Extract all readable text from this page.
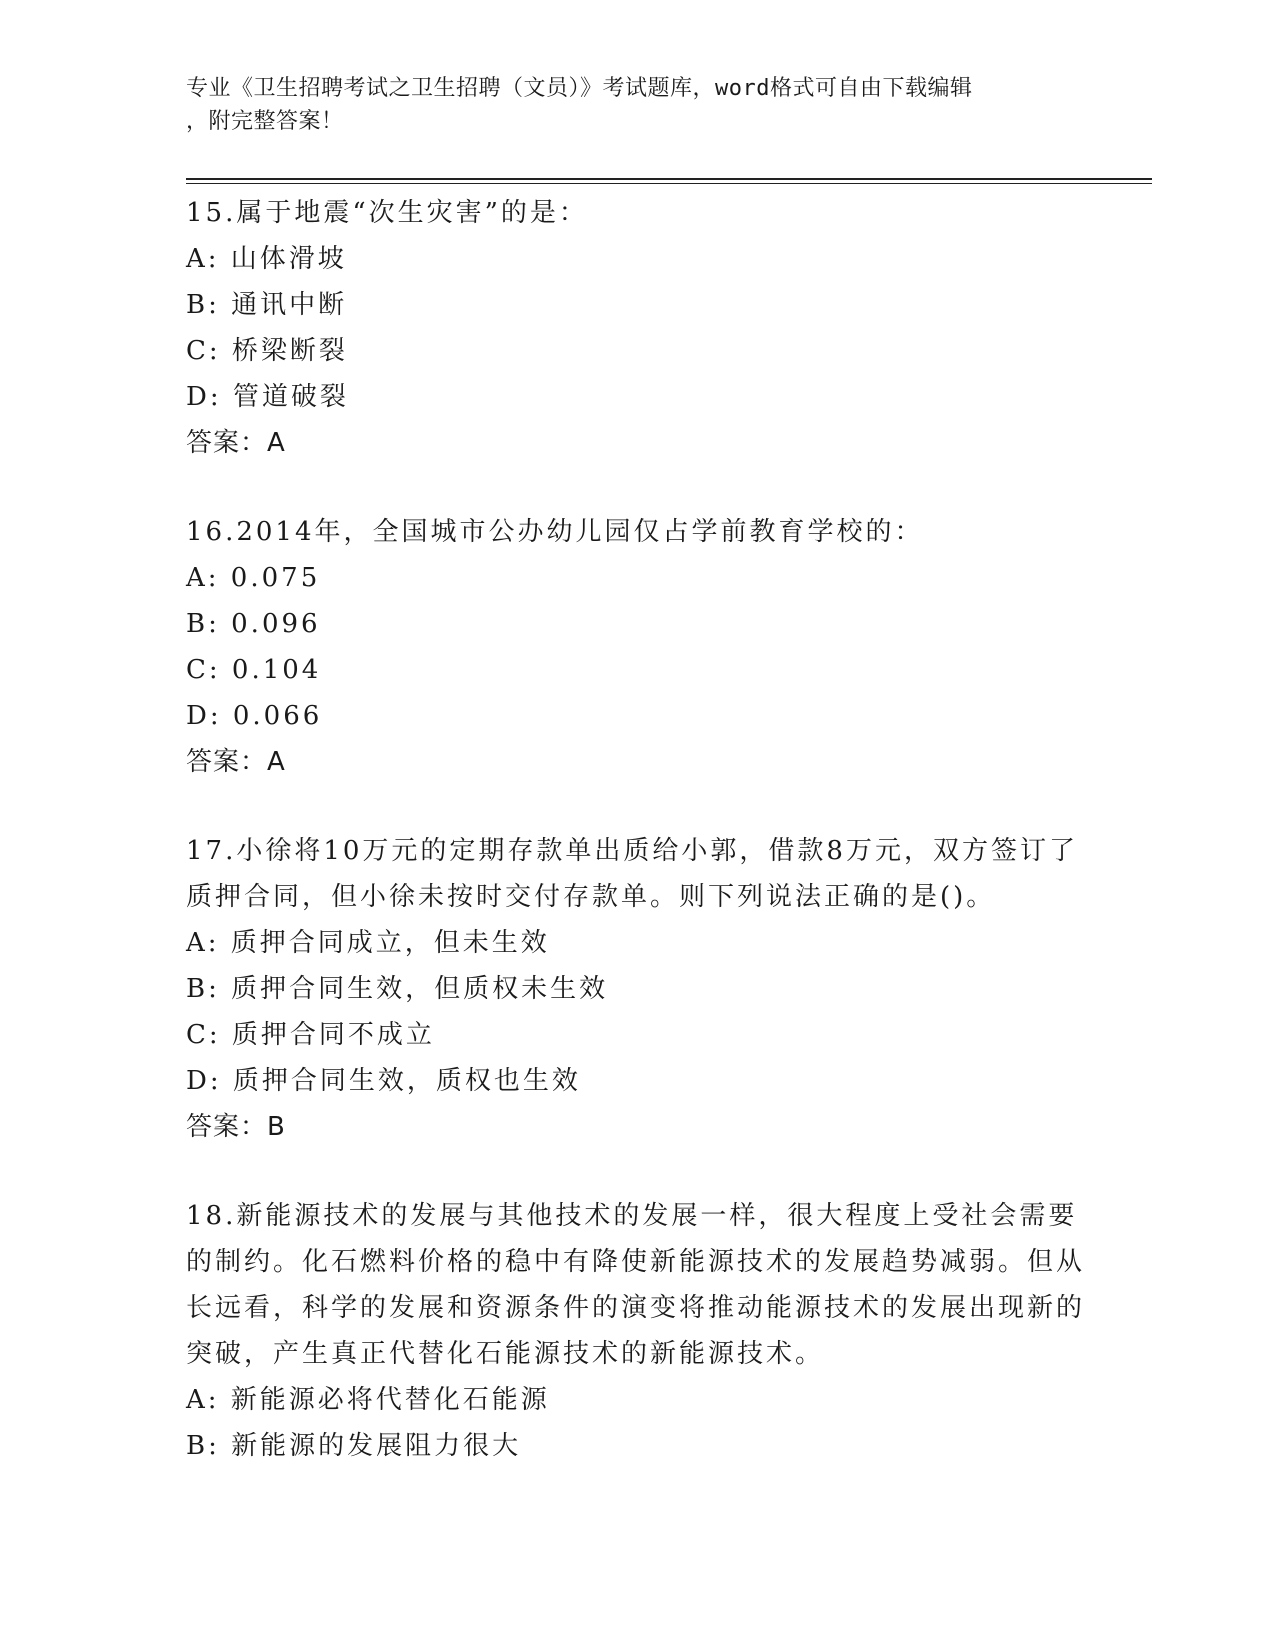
专业《卫生招聘考试之卫生招聘（文员）》考试题库，word格式可自由下载编辑
，附完整答案！

15.属于地震“次生灾害”的是：

A: 山体滑坡

B: 通讯中断

C: 桥梁断裂

D: 管道破裂

答案：A

16.2014年，全国城市公办幼儿园仅占学前教育学校的：

A: 0.075

B: 0.096

C: 0.104

D: 0.066

答案：A

17.小徐将10万元的定期存款单出质给小郭，借款8万元，双方签订了质押合同，但小徐未按时交付存款单。则下列说法正确的是()。

A: 质押合同成立，但未生效

B: 质押合同生效，但质权未生效

C: 质押合同不成立

D: 质押合同生效，质权也生效

答案：B

18.新能源技术的发展与其他技术的发展一样，很大程度上受社会需要的制约。化石燃料价格的稳中有降使新能源技术的发展趋势减弱。但从长远看，科学的发展和资源条件的演变将推动能源技术的发展出现新的突破，产生真正代替化石能源技术的新能源技术。

A: 新能源必将代替化石能源

B: 新能源的发展阻力很大
